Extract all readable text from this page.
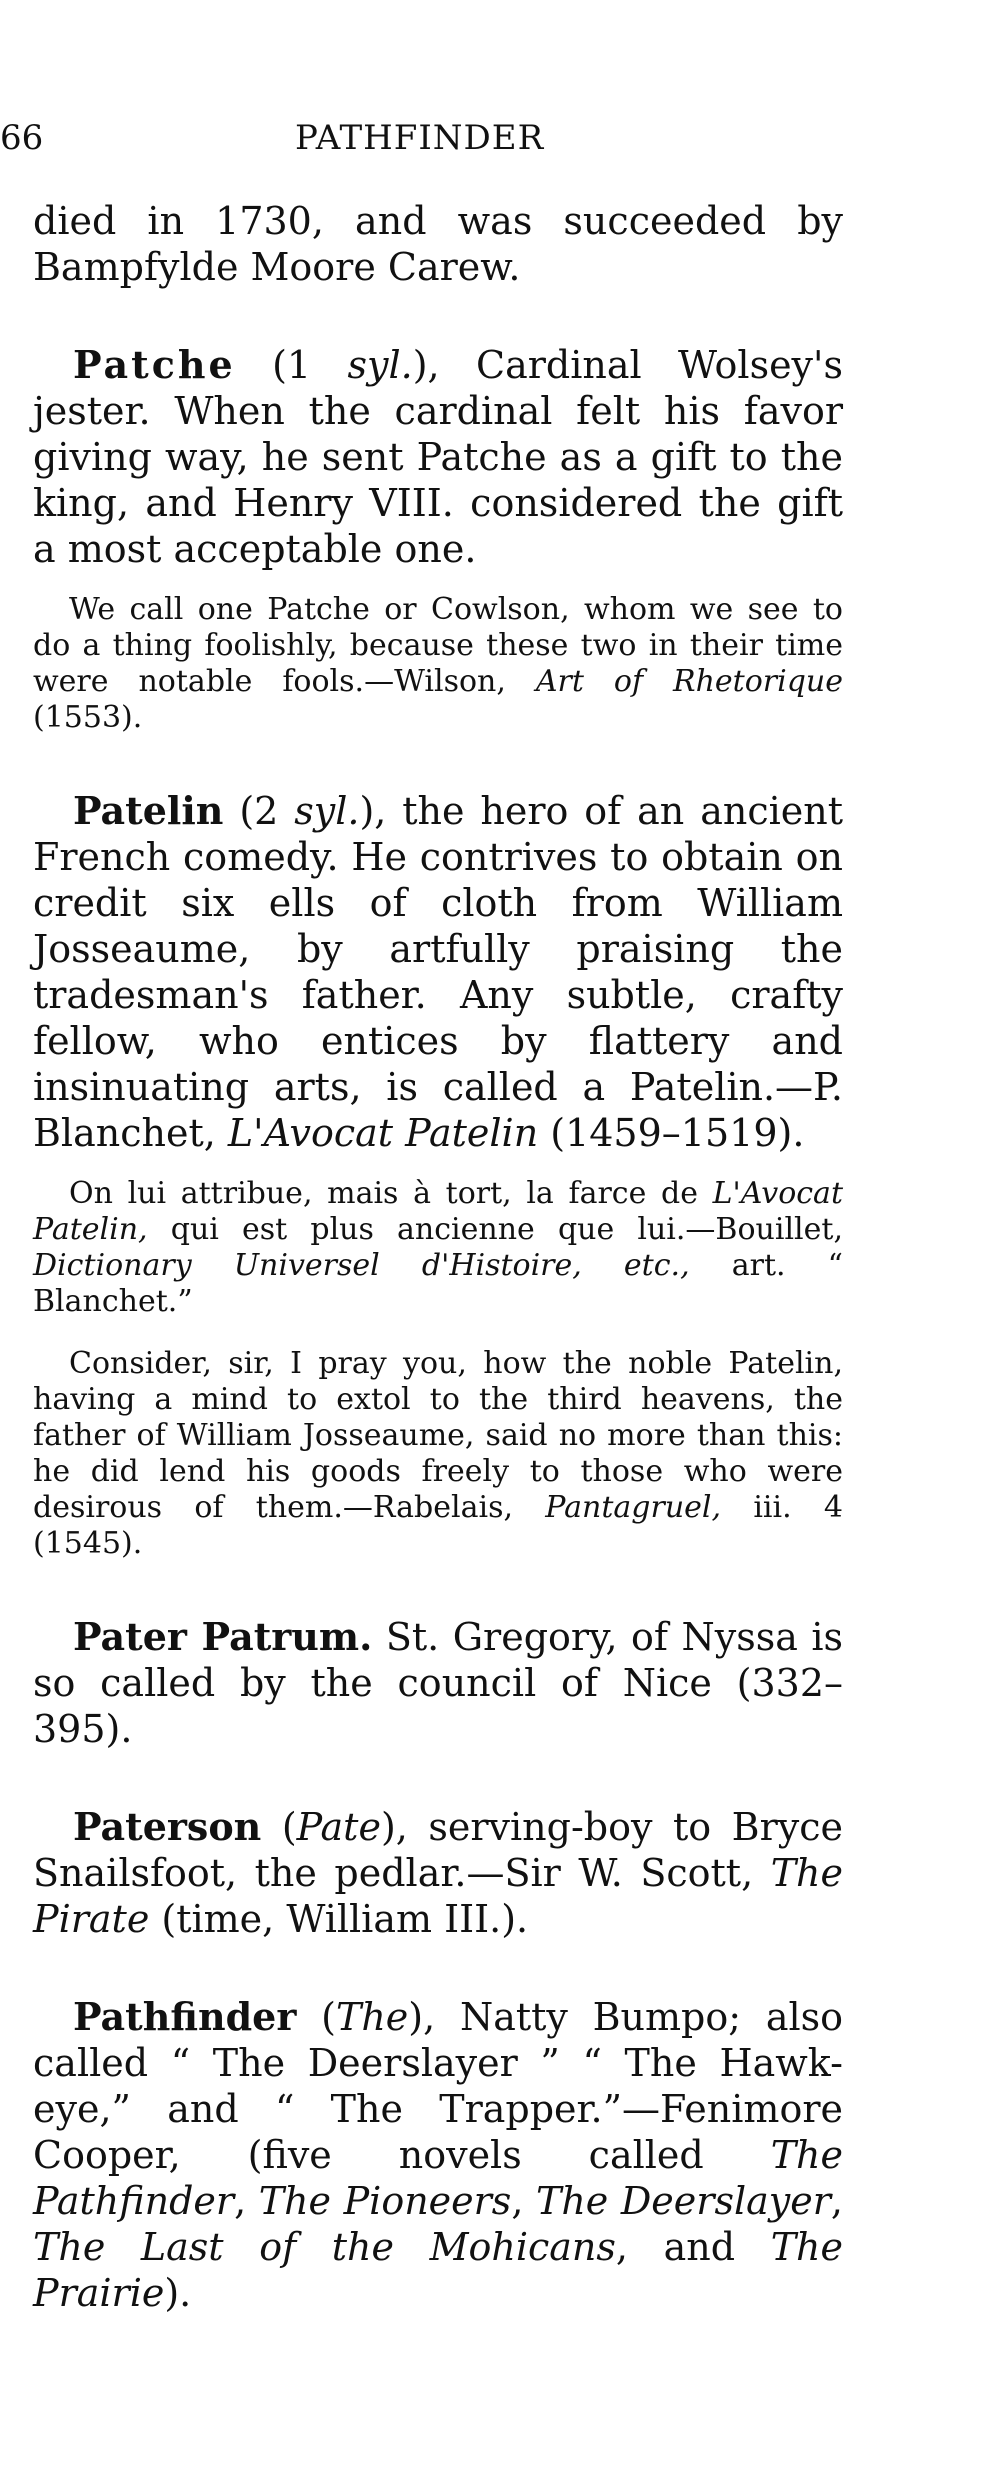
66	PATHFINDER

died in 1730, and was succeeded by Bampfylde Moore Carew.

Patche (1 syl.), Cardinal Wolsey's jester. When the cardinal felt his favor giving way, he sent Patche as a gift to the king, and Henry VIII. considered the gift a most acceptable one.

We call one Patche or Cowlson, whom we see to do a thing foolishly, because these two in their time were notable fools.—Wilson, Art of Rhetorique (1553).

Patelin (2 syl.), the hero of an ancient French comedy. He contrives to obtain on credit six ells of cloth from William Josseaume, by artfully praising the tradesman's father. Any subtle, crafty fellow, who entices by flattery and insinuating arts, is called a Patelin.—P. Blanchet, L'Avocat Patelin (1459–1519).

On lui attribue, mais à tort, la farce de L'Avocat Patelin, qui est plus ancienne que lui.—Bouillet, Dictionary Universel d'Histoire, etc., art. “ Blanchet.”

Consider, sir, I pray you, how the noble Patelin, having a mind to extol to the third heavens, the father of William Josseaume, said no more than this: he did lend his goods freely to those who were desirous of them.—Rabelais, Pantagruel, iii. 4 (1545).

Pater Patrum. St. Gregory, of Nyssa is so called by the council of Nice (332–395).

Paterson (Pate), serving-boy to Bryce Snailsfoot, the pedlar.—Sir W. Scott, The Pirate (time, William III.).

Pathfinder (The), Natty Bumpo; also called “ The Deerslayer ” “ The Hawk-eye,” and “ The Trapper.”—Fenimore Cooper, (five novels called The Pathfinder, The Pioneers, The Deerslayer, The Last of the Mohicans, and The Prairie).
